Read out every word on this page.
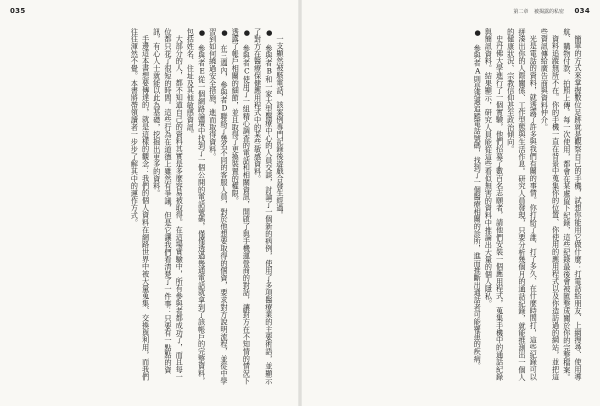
035

一支顯然被駭電話，該案例專門記錄後遊戲合發生經過。

●　參與者B和一家大型醫療中心的人員交談，討論了一個新的病例，使用了多項醫療業的主要術語，並顯示了對方在醫療保健應用程式中的某些敏感資料。

●　參與者C使用了一組精心調查的電話和相關資訊，開啟了與手機運營商的對話，讓對方在不知情的情況下透露了帳戶相關的細節，並且取得了更換裝置的權限。

●　在三週內，參與者D聯絡了幾名不同的客服人員，對於他想要取得的個資，要求對方說明流程，並從中學習到如何繞過安全措施，進而取得資料。

●　參與者E從一個網路論壇中找到了一個公開的電話號碼，僅僅透過幾通電話就拿到了該帳戶的完整資料，包括姓名、住址及其他敏感資訊。

大部分的人，都不知道自己的資料其實是多麼容易被取得。在這場實驗中，所有參與者都成功了，而且每一位都只花了很短的時間。這些行為在道德上雖然有爭議，但是它讓我們看清楚了一件事：只要有一點點的資訊，有心人士就能以此為基礎，挖掘出更多的資料。

手邊這本書想要傳達的，就是這樣的觀念：我們的個人資料在網路世界中被大量蒐集、交換與利用，而我們往往渾然不覺。本書將帶領讀者一步步了解其中的運作方式。

第二章 被揭露的私密 034

簡單的方式來掌握數位足跡就是觀察自己的手機，試想你能用它做什麼：打電話給朋友、上網搜尋、使用導航、購物付款、拍照上傳。每一次使用，都會在某處留下紀錄，這些紀錄最後會被匯整成關於你的完整檔案。

資料追蹤無所不在。你的手機一直在背景中蒐集你的位置、你使用的應用程式以及你造訪過的網站，並把這些資訊傳給廣告商與資料仲介。

光是電話的資料，就透露了許多與我們有關的事情。你打給了誰、打了多久、在什麼時間打，這些紀錄可以拼湊出你的人際關係、工作型態與生活作息。研究人員發現，只要分析幾個月的通話紀錄，就能推測出一個人的健康狀況、宗教信仰甚至政治傾向。

史丹佛大學進行了一個實驗，他們招募了數百名志願者，請他們安裝一個應用程式，蒐集手機中的通話紀錄與簡訊資料。結果顯示，研究人員能從這些看似無害的資料中推論出大量的個人隱私。

●　參與者A則是透過追蹤電話號碼，找到了一個醫療相關的診所，進而推斷出通話者可能罹患的疾病。
